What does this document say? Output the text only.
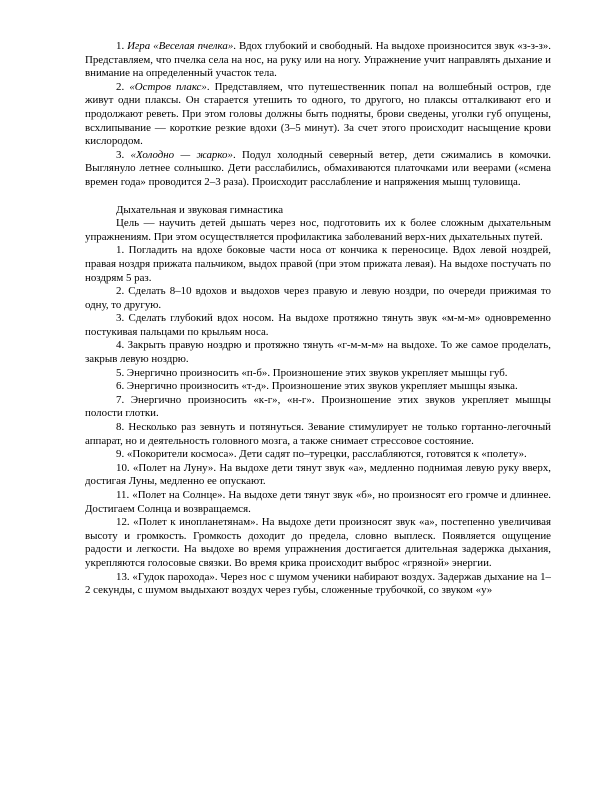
1. Игра «Веселая пчелка». Вдох глубокий и свободный. На выдохе произносится звук «з-з-з». Представляем, что пчелка села на нос, на руку или на ногу. Упражнение учит направлять дыхание и внимание на определенный участок тела.

2. «Остров плакс». Представляем, что путешественник попал на волшебный остров, где живут одни плаксы. Он старается утешить то одного, то другого, но плаксы отталкивают его и продолжают реветь. При этом головы должны быть подняты, брови сведены, уголки губ опущены, всхлипывание — короткие резкие вдохи (3–5 минут). За счет этого происходит насыщение крови кислородом.

3. «Холодно — жарко». Подул холодный северный ветер, дети сжимались в комочки. Выглянуло летнее солнышко. Дети расслабились, обмахиваются платочками или веерами («смена времен года» проводится 2–3 раза). Происходит расслабление и напряжения мышц туловища.

Дыхательная и звуковая гимнастика

Цель — научить детей дышать через нос, подготовить их к более сложным дыхательным упражнениям. При этом осуществляется профилактика заболеваний верх-них дыхательных путей.

1. Погладить на вдохе боковые части носа от кончика к переносице. Вдох левой ноздрей, правая ноздря прижата пальчиком, выдох правой (при этом прижата левая). На выдохе постучать по ноздрям 5 раз.

2. Сделать 8–10 вдохов и выдохов через правую и левую ноздри, по очереди прижимая то одну, то другую.

3. Сделать глубокий вдох носом. На выдохе протяжно тянуть звук «м-м-м» одновременно постукивая пальцами по крыльям носа.

4. Закрыть правую ноздрю и протяжно тянуть «г-м-м-м» на выдохе. То же самое проделать, закрыв левую ноздрю.

5. Энергично произносить «п-б». Произношение этих звуков укрепляет мышцы губ.

6. Энергично произносить «т-д». Произношение этих звуков укрепляет мышцы языка.

7. Энергично произносить «к-г», «н-г». Произношение этих звуков укрепляет мышцы полости глотки.

8. Несколько раз зевнуть и потянуться. Зевание стимулирует не только гортанно-легочный аппарат, но и деятельность головного мозга, а также снимает стрессовое состояние.

9. «Покорители космоса». Дети садят по–турецки, расслабляются, готовятся к «полету».

10. «Полет на Луну». На выдохе дети тянут звук «а», медленно поднимая левую руку вверх, достигая Луны, медленно ее опускают.

11. «Полет на Солнце». На выдохе дети тянут звук «б», но произносят его громче и длиннее. Достигаем Солнца и возвращаемся.

12. «Полет к инопланетянам». На выдохе дети произносят звук «а», постепенно увеличивая высоту и громкость. Громкость доходит до предела, словно выплеск. Появляется ощущение радости и легкости. На выдохе во время упражнения достигается длительная задержка дыхания, укрепляются голосовые связки. Во время крика происходит выброс «грязной» энергии.

13. «Гудок парохода». Через нос с шумом ученики набирают воздух. Задержав дыхание на 1–2 секунды, с шумом выдыхают воздух через губы, сложенные трубочкой, со звуком «у»
